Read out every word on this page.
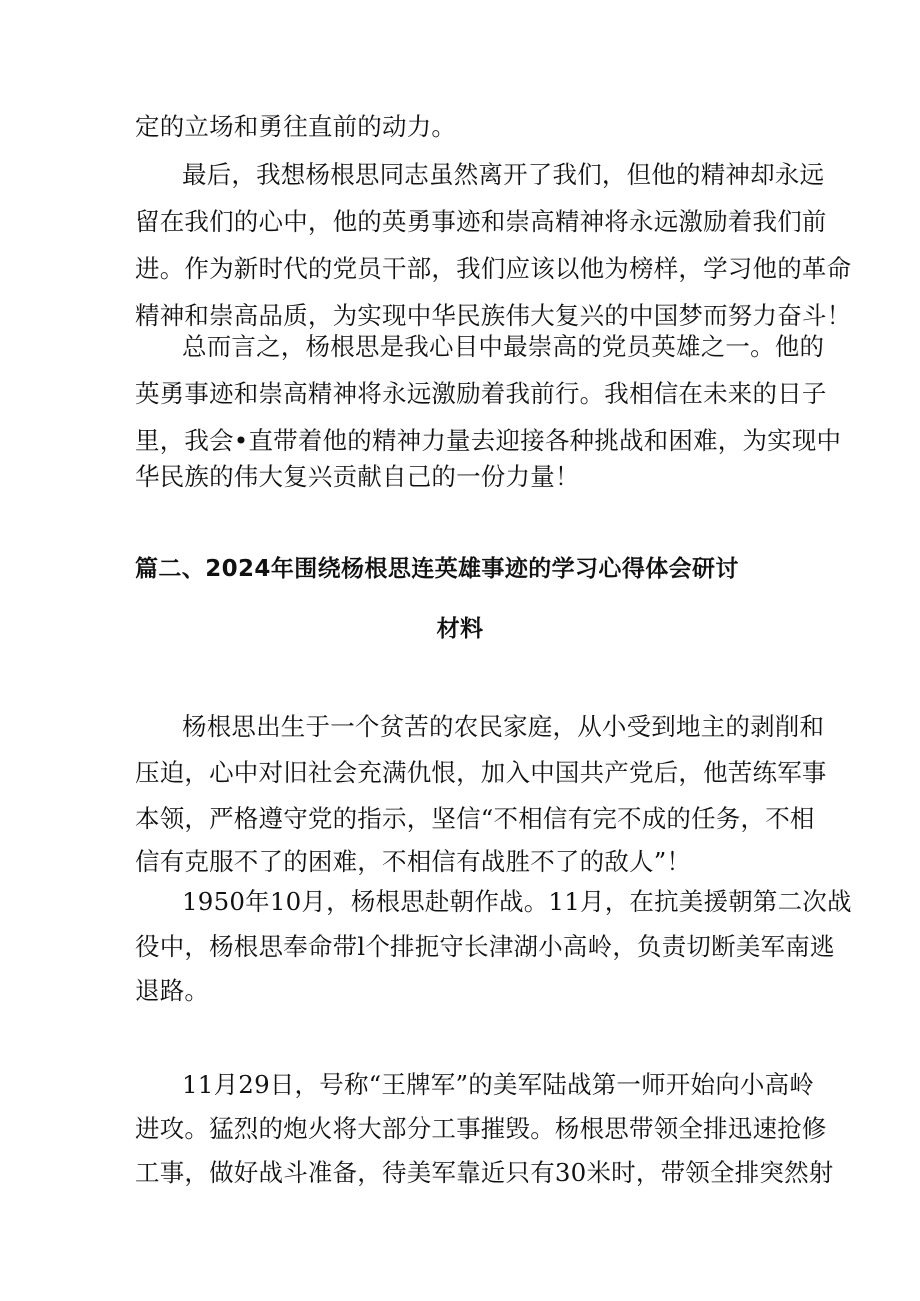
定的立场和勇往直前的动力。
最后，我想杨根思同志虽然离开了我们，但他的精神却永远
留在我们的心中，他的英勇事迹和崇高精神将永远激励着我们前
进。作为新时代的党员干部，我们应该以他为榜样，学习他的革命
精神和崇高品质，为实现中华民族伟大复兴的中国梦而努力奋斗！
总而言之，杨根思是我心目中最崇高的党员英雄之一。他的
英勇事迹和崇高精神将永远激励着我前行。我相信在未来的日子
里，我会•直带着他的精神力量去迎接各种挑战和困难，为实现中
华民族的伟大复兴贡献自己的一份力量！
篇二、2024年围绕杨根思连英雄事迹的学习心得体会研讨
材料
杨根思出生于一个贫苦的农民家庭，从小受到地主的剥削和
压迫，心中对旧社会充满仇恨，加入中国共产党后，他苦练军事
本领，严格遵守党的指示，坚信“不相信有完不成的任务，不相
信有克服不了的困难，不相信有战胜不了的敌人”！
1950年10月，杨根思赴朝作战。11月，在抗美援朝第二次战
役中，杨根思奉命带l个排扼守长津湖小高岭，负责切断美军南逃
退路。
11月29日，号称“王牌军”的美军陆战第一师开始向小高岭
进攻。猛烈的炮火将大部分工事摧毁。杨根思带领全排迅速抢修
工事，做好战斗准备，待美军靠近只有30米时，带领全排突然射
